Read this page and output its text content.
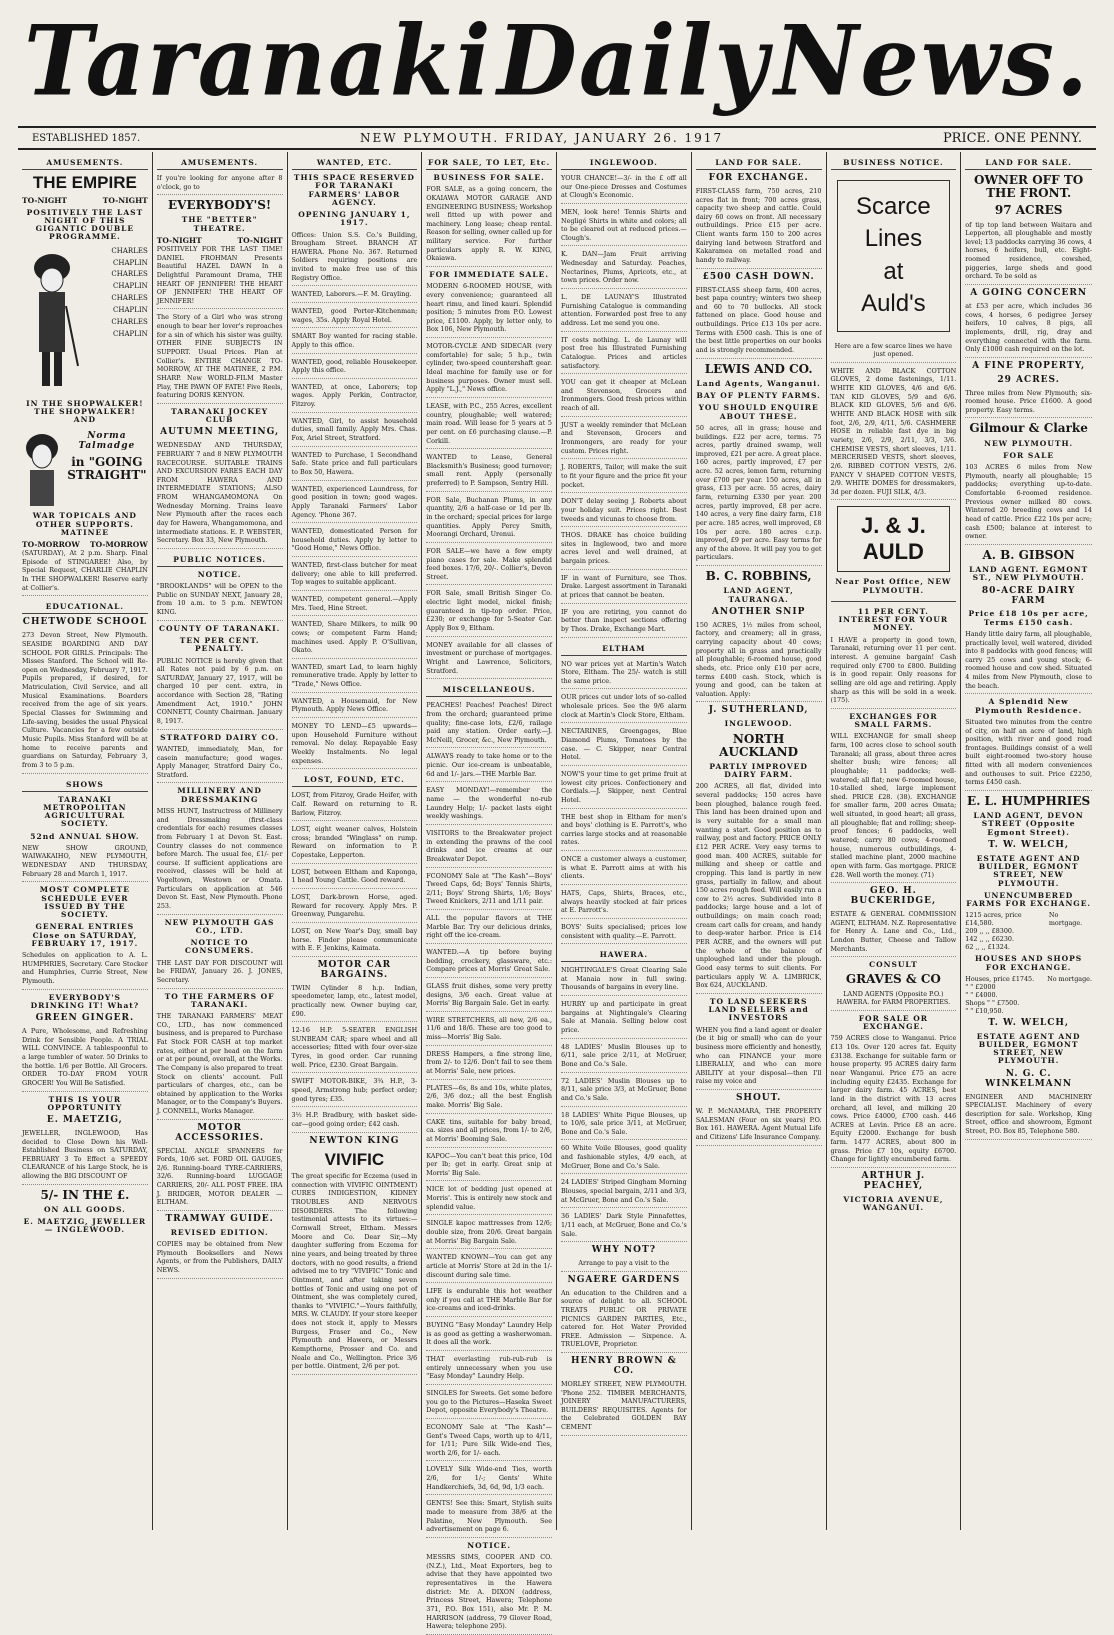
Taranaki Daily News.
ESTABLISHED 1857.	NEW PLYMOUTH. FRIDAY, JANUARY 26. 1917	PRICE. ONE PENNY.
AMUSEMENTS.
THE EMPIRE
TO-NIGHT	TO-NIGHT
POSITIVELY THE LAST NIGHT OF THIS GIGANTIC DOUBLE PROGRAMME.
CHARLES CHAPLIN
CHARLES CHAPLIN
CHARLES CHAPLIN
CHARLES CHAPLIN
IN THE SHOPWALKER! THE SHOPWALKER! AND
Norma Talmadge
in "GOING STRAIGHT"
WAR TOPICALS AND OTHER SUPPORTS. MATINEE
TO-MORROW TO-MORROW

(SATURDAY), At 2 p.m. Sharp. Final Episode of STINGAREE! Also, by Special Request, CHARLIE CHAPLIN In THE SHOPWALKER! Reserve early at Collier's.

EDUCATIONAL.
CHETWODE SCHOOL

273 Devon Street, New Plymouth. SEASIDE BOARDING AND DAY SCHOOL FOR GIRLS. Principals: The Misses Stanford. The School will Re-open on Wednesday, February 7, 1917. Pupils prepared, if desired, for Matriculation, Civil Service, and all Musical Examinations. Boarders received from the age of six years. Special Classes for Swimming and Life-saving, besides the usual Physical Culture. Vacancies for a few outside Music Pupils. Miss Stanford will be at home to receive parents and guardians on Saturday, February 3, from 3 to 5 p.m.

SHOWS
TARANAKI METROPOLITAN AGRICULTURAL SOCIETY.
52nd ANNUAL SHOW.

NEW SHOW GROUND, WAIWAKAIHO, NEW PLYMOUTH, WEDNESDAY AND THURSDAY, February 28 and March 1, 1917.

MOST COMPLETE SCHEDULE EVER ISSUED BY THE SOCIETY.
GENERAL ENTRIES Close on SATURDAY, FEBRUARY 17, 1917.

Schedules on application to A. L. HUMPHRIES, Secretary. Care Stocker and Humphries, Currie Street, New Plymouth.

EVERYBODY'S DRINKING IT! What?
GREEN GINGER.

A Pure, Wholesome, and Refreshing Drink for Sensible People. A TRIAL WILL CONVINCE. A tablespoonful to a large tumbler of water. 50 Drinks to the bottle. 1/6 per Bottle. All Grocers. ORDER TO-DAY FROM YOUR GROCER! You Will Be Satisfied.

THIS IS YOUR OPPORTUNITY
E. MAETZIG,

JEWELLER, INGLEWOOD, Has decided to Close Down his Well-Established Business on SATURDAY, FEBRUARY 3 To Effect a SPEEDY CLEARANCE of his Large Stock, he is allowing the BIG DISCOUNT OF

5/- IN THE £.
ON ALL GOODS.
E. MAETZIG, JEWELLER — INGLEWOOD.
AMUSEMENTS.

If you're looking for anyone after 8 o'clock, go to

EVERYBODY'S!
THE "BETTER" THEATRE.
TO-NIGHT	TO-NIGHT

POSITIVELY FOR THE LAST TIME! DANIEL FROHMAN Presents Beautiful HAZEL DAWN In a Delightful Paramount Drama, THE HEART OF JENNIFER! THE HEART OF JENNIFER! THE HEART OF JENNIFER!

The Story of a Girl who was strong enough to bear her lover's reproaches for a sin of which his sister was guilty. OTHER FINE SUBJECTS IN SUPPORT. Usual Prices. Plan at Collier's. ENTIRE CHANGE TO-MORROW, AT THE MATINEE, 2 P.M. SHARP. New WORLD-FILM Master Play, THE PAWN OF FATE! Five Reels, featuring DORIS KENYON.

TARANAKI JOCKEY CLUB
AUTUMN MEETING,

WEDNESDAY AND THURSDAY, FEBRUARY 7 and 8 NEW PLYMOUTH RACECOURSE. SUITABLE TRAINS AND EXCURSION FARES EACH DAY FROM HAWERA AND INTERMEDIATE STATIONS; ALSO FROM WHANGAMOMONA On Wednesday Morning. Trains leave New Plymouth after the races each day for Hawera, Whangamomona, and intermediate stations. E. P. WEBSTER, Secretary. Box 33, New Plymouth.

PUBLIC NOTICES.
NOTICE.

"BROOKLANDS" will be OPEN to the Public on SUNDAY NEXT, January 28, from 10 a.m. to 5 p.m. NEWTON KING.

COUNTY OF TARANAKI.
TEN PER CENT. PENALTY.

PUBLIC NOTICE is hereby given that all Rates not paid by 6 p.m. on SATURDAY, January 27, 1917, will be charged 10 per cent. extra, in accordance with Section 28, "Rating Amendment Act, 1910." JOHN CONNETT, County Chairman. January 8, 1917.

STRATFORD DAIRY CO.

WANTED, immediately, Man, for casein manufacture; good wages. Apply Manager, Stratford Dairy Co., Stratford.

MILLINERY AND DRESSMAKING

MISS HUNT, Instructress of Millinery and Dressmaking (first-class credentials for each) resumes classes from February 1 at Devon St. East. Country classes do not commence before March. The usual fee, £1/- per course. If sufficient applications are received, classes will be held at Vogeltown, Westown or Omata. Particulars on application at 546 Devon St. East, New Plymouth. Phone 253.

NEW PLYMOUTH GAS CO., LTD.
NOTICE TO CONSUMERS.

THE LAST DAY FOR DISCOUNT will be FRIDAY, January 26. J. JONES, Secretary.

TO THE FARMERS OF TARANAKI.

THE TARANAKI FARMERS' MEAT CO., LTD., has now commenced business, and is prepared to Purchase Fat Stock FOR CASH at top market rates, either at per head on the farm or at per pound, overall, at the Works. The Company is also prepared to treat Stock on clients' account. Full particulars of charges, etc., can be obtained by application to the Works Manager, or to the Company's Buyers. J. CONNELL, Works Manager.

MOTOR ACCESSORIES.

SPECIAL ANGLE SPANNERS for Fords, 10/6 set. FORD OIL GAUGES, 2/6. Running-board TYRE-CARRIERS, 32/6. Running-board LUGGAGE CARRIERS, 20/- ALL POST FREE. IRA J. BRIDGER, MOTOR DEALER — ELTHAM.

TRAMWAY GUIDE.
REVISED EDITION.

COPIES may be obtained from New Plymouth Booksellers and News Agents, or from the Publishers, DAILY NEWS.

WANTED, ETC.
THIS SPACE RESERVED FOR TARANAKI FARMERS' LABOR AGENCY.
OPENING JANUARY 1, 1917.

Offices: Union S.S. Co.'s Building, Brougham Street. BRANCH AT HAWERA. Phone No. 367. Returned Soldiers requiring positions are invited to make free use of this Registry Office.

WANTED, Laborers.—F. M. Grayling.

WANTED, good Porter-Kitchenman; wages, 35s. Apply Royal Hotel.

SMART Boy wanted for racing stable. Apply to this office.

WANTED, good, reliable Housekeeper. Apply this office.

WANTED, at once, Laborers; top wages. Apply Perkin, Contractor, Fitzroy.

WANTED, Girl, to assist household duties, small family. Apply Mrs. Chas. Fox, Ariel Street, Stratford.

WANTED to Purchase, 1 Secondhand Safe. State price and full particulars to Box 50, Hawera.

WANTED, experienced Laundress, for good position in town; good wages. Apply Taranaki Farmers' Labor Agency. 'Phone 367.

WANTED, domesticated Person for household duties. Apply by letter to "Good Home," News Office.

WANTED, first-class butcher for meat delivery; one able to kill preferred. Top wages to suitable applicant.

WANTED, competent general.—Apply Mrs. Teed, Hine Street.

WANTED, Share Milkers, to milk 90 cows; or competent Farm Hand; machines used. Apply P. O'Sullivan, Okato.

WANTED, smart Lad, to learn highly remunerative trade. Apply by letter to "Trade," News Office.

WANTED, a Housemaid, for New Plymouth. Apply News Office.

MONEY TO LEND—£5 upwards—upon Household Furniture without removal. No delay. Repayable Easy Weekly Instalments. No legal expenses.

LOST, FOUND, ETC.

LOST, from Fitzroy, Grade Heifer, with Calf. Reward on returning to R. Barlow, Fitzroy.

LOST, eight weaner calves, Holstein cross; branded "Winglass" on rump. Reward on information to P. Copestake, Lepperton.

LOST, between Eltham and Kaponga, 1 head Young Cattle. Good reward.

LOST, Dark-brown Horse, aged. Reward for recovery. Apply Mrs. P. Greenway, Pungarehu.

LOST, on New Year's Day, small bay horse. Finder please communicate with E. F. Jenkins, Kaimata.

MOTOR CAR BARGAINS.

TWIN Cylinder 8 h.p. Indian, speedometer, lamp, etc., latest model, practically new. Owner buying car, £90.

12-16 H.P. 5-SEATER ENGLISH SUNBEAM CAR; spare wheel and all accessories; fitted with four over-size Tyres, in good order. Car running well. Price, £230. Great Bargain.

SWIFT MOTOR-BIKE, 3¾ H.P., 3-speed, Armstrong hub; perfect order; good tyres; £35.

3½ H.P. Bradbury, with basket side-car—good going order; £42 cash.

NEWTON KING
VIVIFIC

The great specific for Eczema (used in connection with VIVIFIC OINTMENT) CURES INDIGESTION, KIDNEY TROUBLES AND NERVOUS DISORDERS. The following testimonial attests to its virtues:— Cornwall Street, Eltham. Messrs Moore and Co. Dear Sir,—My daughter suffering from Eczema for nine years, and being treated by three doctors, with no good results, a friend advised me to try "VIVIFIC" Tonic and Ointment, and after taking seven bottles of Tonic and using one pot of Ointment, she was completely cured, thanks to "VIVIFIC."—Yours faithfully, MRS. W. CLAUDY. If your store keeper does not stock it, apply to Messrs Burgess, Fraser and Co., New Plymouth and Hawera, or Messrs Kempthorne, Prosser and Co. and Neale and Co., Wellington. Price 3/6 per bottle. Ointment, 2/6 per pot.

FOR SALE, TO LET, Etc.
BUSINESS FOR SALE.

FOR SALE, as a going concern, the OKAIAWA MOTOR GARAGE AND ENGINEERING BUSINESS; Workshop well fitted up with power and machinery. Long lease; cheap rental. Reason for selling, owner called up for military service. For further particulars apply R. W. KING, Okaiawa.

FOR IMMEDIATE SALE.

MODERN 6-ROOMED HOUSE, with every convenience; guaranteed all heart rimu, and lined kauri. Splendid position; 5 minutes from P.O. Lowest price, £1100. Apply, by letter only, to Box 106, New Plymouth.

MOTOR-CYCLE AND SIDECAR (very comfortable) for sale; 5 h.p., twin cylinder, two-speed countershaft gear. Ideal machine for family use or for business purposes. Owner must sell. Apply "L.J.," News office.

LEASE, with P.C., 255 Acres, excellent country, ploughable; well watered; main road. Will lease for 5 years at 5 per cent. on £6 purchasing clause.—P. Corkill.

WANTED to Lease, General Blacksmith's Business; good turnover; small rent. Apply (personally preferred) to P. Sampson, Sentry Hill.

FOR Sale, Buchanan Plums, in any quantity, 2/6 a half-case or 1d per lb. in the orchard; special prices for large quantities. Apply Percy Smith, Moorangi Orchard, Urenui.

FOR SALE—we have a few empty piano cases for sale. Make splendid feed boxes. 17/6, 20/-. Collier's, Devon Street.

FOR Sale, small British Singer Co. electric light model, nickel finish; guaranteed in tip-top order. Price, £230; or exchange for 5-Seater Car. Apply Box 9, Eltham.

MONEY available for all classes of investment or purchase of mortgages. Wright and Lawrence, Solicitors, Stratford.

MISCELLANEOUS.

PEACHES! Peaches! Peaches! Direct from the orchard; guaranteed prime quality; fine-case lots, £2/6, railage paid any station. Order early.—J. McNeill, Grocer, &c., New Plymouth.

ALWAYS ready to take home or to the picnic. Our ice-cream is unbeatable, 6d and 1/- jars.—THE Marble Bar.

EASY MONDAY!—remember the name — the wonderful no-rub Laundry Help; 1/- packet lasts eight weekly washings.

VISITORS to the Breakwater project in extending the prawns of the cool drinks and ice creams at our Breakwater Depot.

FCONOMY Sale at "The Kash"—Boys' Tweed Caps, 6d; Boys' Tennis Shirts, 2/11; Boys' Strong Shirts, 1/6; Boys' Tweed Knickers, 2/11 and 1/11 pair.

ALL the popular flavors at THE Marble Bar. Try our delicious drinks, right off the ice-cream.

WANTED.—A tip before buying bedding, crockery, glassware, etc.: Compare prices at Morris' Great Sale.

GLASS fruit dishes, some very pretty designs, 3/6 each. Great value at Morris' Big Bargain Sale. Get in early.

WIRE STRETCHERS, all new, 2/6 ea., 11/6 and 18/6. These are too good to miss—Morris' Big Sale.

DRESS Hampers, a fine strong line, from 2/- to 12/6. Don't fail to see them at Morris' Sale, new prices.

PLATES—6s, 8s and 10s, white plates, 2/6, 3/6 doz.; all the best English make. Morris' Big Sale.

CAKE tins, suitable for baby bread, ca. sizes and all prices, from 1/- to 2/6, at Morris' Booming Sale.

KAPOC—You can't beat this price, 10d per lb; get in early. Great snip at Morris' Big Sale.

NICE lot of bedding just opened at Morris'. This is entirely new stock and splendid value.

SINGLE kapoc mattresses from 12/6; double size, from 20/6. Great bargain at Morris' Big Bargain Sale.

WANTED KNOWN—You can get any article at Morris' Store at 2d in the 1/- discount during sale time.

LIFE is endurable this hot weather only if you call at THE Marble Bar for ice-creams and iced-drinks.

BUYING "Easy Monday" Laundry Help is as good as getting a washerwoman. It does all the work.

THAT everlasting rub-rub-rub is entirely unnecessary when you use "Easy Monday" Laundry Help.

SINGLES for Sweets. Get some before you go to the Pictures—Haseka Sweet Depot, opposite Everybody's Theatre.

ECONOMY Sale at "The Kash"—Gent's Tweed Caps, worth up to 4/11, for 1/11; Pure Silk Wide-end Ties, worth 2/6, for 1/- each.

LOVELY Silk Wide-end Ties, worth 2/6, for 1/-; Gents' White Handkerchiefs, 3d, 6d, 9d, 1/3 each.

GENTS! See this: Smart, Stylish suits made to measure from 38/6 at the Palatine, New Plymouth. See advertisement on page 6.

NOTICE.

MESSRS SIMS, COOPER AND CO. (N.Z.), Ltd., Meat Exporters, beg to advise that they have appointed two representatives in the Hawera district: Mr. A. DIXON (address, Princess Street, Hawera; Telephone 371, P.O. Box 151), also Mr. P. M. HARRISON (address, 79 Glover Road, Hawera; telephone 295).

INGLEWOOD.

YOUR CHANCE!—3/- in the £ off all our One-piece Dresses and Costumes at Clough's Economic.

MEN, look here! Tennis Shirts and Negligé Shirts in white and colors; all to be cleared out at reduced prices.—Clough's.

K. DAN—Jam Fruit arriving Wednesday and Saturday. Peaches, Nectarines, Plums, Apricots, etc., at town prices. Order now.

L. DE LAUNAY'S Illustrated Furnishing Catalogue is commanding attention. Forwarded post free to any address. Let me send you one.

IT costs nothing. L. de Launay will post free his Illustrated Furnishing Catalogue. Prices and articles satisfactory.

YOU can get it cheaper at McLean and Stevenson, Grocers and Ironmongers. Good fresh prices within reach of all.

JUST a weekly reminder that McLean and Stevenson, Grocers and Ironmongers, are ready for your custom. Prices right.

J. ROBERTS, Tailor, will make the suit to fit your figure and the price fit your pocket.

DON'T delay seeing J. Roberts about your holiday suit. Prices right. Best tweeds and vicunas to choose from.

THOS. DRAKE has choice building sites in Inglewood, two and more acres level and well drained, at bargain prices.

IF in want of Furniture, see Thos. Drake. Largest assortment in Taranaki at prices that cannot be beaten.

IF you are retiring, you cannot do better than inspect sections offering by Thos. Drake, Exchange Mart.

ELTHAM

NO war prices yet at Martin's Watch Store, Eltham. The 25/- watch is still the same price.

OUR prices cut under lots of so-called wholesale prices. See the 9/6 alarm clock at Martin's Clock Store, Eltham.

NECTARINES, Greengages, Blue Diamond Plums, Tomatoes by the case. — C. Skipper, near Central Hotel.

NOW'S your time to get prime fruit at lowest city prices. Confectionery and Cordials.—J. Skipper, next Central Hotel.

THE best shop in Eltham for men's and boys' clothing is E. Parrott's, who carries large stocks and at reasonable rates.

ONCE a customer always a customer, is what E. Parrott aims at with his clients.

HATS, Caps, Shirts, Braces, etc., always heavily stocked at fair prices at E. Parrott's.

BOYS' Suits specialised; prices low consistent with quality.—E. Parrott.

HAWERA.

NIGHTINGALE'S Great Clearing Sale at Manaia now in full swing. Thousands of bargains in every line.

HURRY up and participate in great bargains at Nightingale's Clearing Sale at Manaia. Selling below cost price.

48 LADIES' Muslin Blouses up to 6/11, sale price 2/11, at McGruer, Bone and Co.'s Sale.

72 LADIES' Muslin Blouses up to 8/11, sale price 3/3, at McGruer, Bone and Co.'s Sale.

18 LADIES' White Pique Blouses, up to 10/6, sale price 3/11, at McGruer, Bone and Co.'s Sale.

60 White Voile Blouses, good quality and fashionable styles, 4/9 each, at McGruer, Bone and Co.'s Sale.

24 LADIES' Striped Gingham Morning Blouses, special bargain, 2/11 and 3/3, at McGruer, Bone and Co.'s Sale.

36 LADIES' Dark Style Pinnafettes, 1/11 each, at McGruer, Bone and Co.'s Sale.

WHY NOT?

Arrange to pay a visit to the

NGAERE GARDENS

An education to the Children and a source of delight to all. SCHOOL TREATS PUBLIC OR PRIVATE PICNICS GARDEN PARTIES, Etc., catered for. Hot Water Provided FREE. Admission — Sixpence. A. TRUELOVE, Proprietor.

HENRY BROWN & CO.

MORLEY STREET, NEW PLYMOUTH. 'Phone 252. TIMBER MERCHANTS, JOINERY MANUFACTURERS, BUILDERS' REQUISITES. Agents for the Celebrated GOLDEN BAY CEMENT

LAND FOR SALE.
FOR EXCHANGE.

FIRST-CLASS farm, 750 acres, 210 acres flat in front; 700 acres grass, capacity two sheep and cattle. Could dairy 60 cows on front. All necessary outbuildings. Price £15 per acre. Client wants farm 150 to 200 acres dairying land between Stratford and Kakaramea on metalled road and handy to railway.

£500 CASH DOWN.

FIRST-CLASS sheep farm, 400 acres, best papa country; winters two sheep and 60 to 70 bullocks. All stock fattened on place. Good house and outbuildings. Price £13 10s per acre. Terms with £500 cash. This is one of the best little properties on our books and is strongly recommended.

LEWIS AND CO.
Land Agents, Wanganui.
BAY OF PLENTY FARMS.
YOU SHOULD ENQUIRE ABOUT THESE.

50 acres, all in grass; house and buildings. £22 per acre, terms. 75 acres, partly drained swamp, well improved, £21 per acre. A great place. 160 acres, partly improved, £7 per acre. 52 acres, lemon farm, returning over £700 per year. 150 acres, all in grass, £13 per acre. 55 acres, dairy farm, returning £330 per year. 200 acres, partly improved, £8 per acre. 140 acres, a very fine dairy farm, £18 per acre. 185 acres, well improved, £8 10s per acre. 180 acres c.r.p. improved, £9 per acre. Easy terms for any of the above. It will pay you to get particulars.

B. C. ROBBINS,
LAND AGENT, TAURANGA.
ANOTHER SNIP

150 ACRES, 1½ miles from school, factory, and creamery; all in grass, carrying capacity about 40 cows; property all in grass and practically all ploughable; 6-roomed house, good sheds, etc. Price only £10 per acre, terms £400 cash. Stock, which is young and good, can be taken at valuation. Apply:

J. SUTHERLAND,
INGLEWOOD.
NORTH AUCKLAND
PARTLY IMPROVED DAIRY FARM.

200 ACRES, all flat, divided into several paddocks; 150 acres have been ploughed, balance rough feed. This land has been drained upon and is very suitable for a small man wanting a start. Good position as to railway, post and factory. PRICE ONLY £12 PER ACRE. Very easy terms to good man. 400 ACRES, suitable for milking and sheep or cattle and cropping. This land is partly in new grass, partially in fallow, and about 150 acres rough feed. Will easily run a cow to 2½ acres. Subdivided into 8 paddocks; large house and a lot of outbuildings; on main coach road; cream cart calls for cream, and handy to deep-water harbor. Price is £14 PER ACRE, and the owners will put the whole of the balance of unploughed land under the plough. Good easy terms to suit clients. For particulars apply W. A. LIMBRICK, Box 624, AUCKLAND.

TO LAND SEEKERS LAND SELLERS and INVESTORS

WHEN you find a land agent or dealer (be it big or small) who can do your business more efficiently and honestly, who can FINANCE your more LIBERALLY, and who can more ABILITY at your disposal—then I'll raise my voice and

SHOUT.

W. P. McNAMARA, THE PROPERTY SALESMAN (Four on six years) P.O. Box 161. HAWERA. Agent Mutual Life and Citizens' Life Insurance Company.

BUSINESS NOTICE.
Scarce
Lines
at
Auld's

Here are a few scarce lines we have just opened.

WHITE AND BLACK COTTON GLOVES, 2 dome fastenings, 1/11. WHITE KID GLOVES, 4/6 and 6/6. TAN KID GLOVES, 5/9 and 6/6. BLACK KID GLOVES, 5/6 and 6/6. WHITE AND BLACK HOSE with silk foot, 2/6, 2/9, 4/11, 5/6. CASHMERE HOSE in reliable fast dye in big variety, 2/6, 2/9, 2/11, 3/3, 3/6. CHEMISE VESTS, short sleeves, 1/11. MERCERISED VESTS, short sleeves, 2/6. RIBBED COTTON VESTS, 2/6. FANCY V SHAPED COTTON VESTS, 2/9. WHITE DOMES for dressmakers, 3d per dozen. FUJI SILK, 4/3.

J. & J. AULD
Near Post Office, NEW PLYMOUTH.
11 PER CENT. INTEREST FOR YOUR MONEY.

I HAVE a property in good town, Taranaki, returning over 11 per cent. interest. A genuine bargain! Cash required only £700 to £800. Building is in good repair. Only reasons for selling are old age and retiring. Apply sharp as this will be sold in a week. (175).

EXCHANGES FOR SMALL FARMS.

WILL EXCHANGE for small sheep farm, 100 acres close to school south Taranaki; all grass, about three acres shelter bush; wire fences; all ploughable; 11 paddocks; well-watered; all flat; new 6-roomed house, 10-stalled shed, large implement shed. PRICE £28. (38). EXCHANGE for smaller farm, 200 acres Omata; well situated, in good heart; all grass, all ploughable; flat and rolling; sheep-proof fences; 6 paddocks, well watered; carry 80 cows; 4-roomed house, numerous outbuildings, 4-stalled machine plant, 2000 machine open with farm. Gas mortgage. PRICE £28. Well worth the money. (71)

GEO. H. BUCKERIDGE,

ESTATE & GENERAL COMMISSION AGENT, ELTHAM. N.Z. Representative for Henry A. Lane and Co., Ltd., London Butter, Cheese and Tallow Merchants.

CONSULT
GRAVES & CO

LAND AGENTS (Opposite P.O.) HAWERA. for FARM PROPERTIES.

FOR SALE OR EXCHANGE.

759 ACRES close to Wanganui. Price £13 10s. Over 120 acres fat. Equity £3138. Exchange for suitable farm or house property. 95 ACRES dairy farm near Wanganui. Price £75 an acre including equity £2435. Exchange for larger dairy farm. 45 ACRES, best land in the district with 13 acres orchard, all level, and milking 20 cows. Price £4000, £700 cash. 446 ACRES at Levin. Price £8 an acre. Equity £2000. Exchange for bush farm. 1477 ACRES, about 800 in grass. Price £7 10s, equity £6700. Change for lightly encumbered farm.

ARTHUR J. PEACHEY,
VICTORIA AVENUE, WANGANUI.
LAND FOR SALE.
OWNER OFF TO THE FRONT.
97 ACRES

of tip top land between Waitara and Lepperton, all ploughable and mostly level; 13 paddocks carrying 36 cows, 4 horses, 6 heifers, bull, etc. Eight-roomed residence, cowshed, piggeries, large sheds and good orchard. To be sold as

A GOING CONCERN

at £53 per acre, which includes 36 cows, 4 horses, 6 pedigree Jersey heifers, 10 calves, 8 pigs, all implements, drill, rig, dray and everything connected with the farm. Only £1000 cash required on the lot.

A FINE PROPERTY,
29 ACRES.

Three miles from New Plymouth; six-roomed house. Price £1600. A good property. Easy terms.

Gilmour & Clarke
NEW PLYMOUTH.
FOR SALE

103 ACRES 6 miles from New Plymouth, nearly all ploughable; 15 paddocks; everything up-to-date. Comfortable 6-roomed residence. Previous owner milked 80 cows. Wintered 20 breeding cows and 14 head of cattle. Price £22 10s per acre; cash £500; balance at interest to owner.

A. B. GIBSON
LAND AGENT. EGMONT ST., NEW PLYMOUTH.
80-ACRE DAIRY FARM
Price £18 10s per acre, Terms £150 cash.

Handy little dairy farm, all ploughable, practically level, well watered, divided into 8 paddocks with good fences; will carry 25 cows and young stock; 6-roomed house and cow shed. Situated 4 miles from New Plymouth, close to the beach.

A Splendid New Plymouth Residence.

Situated two minutes from the centre of city, on half an acre of land, high position, with river and good road frontages. Buildings consist of a well built eight-roomed two-story house fitted with all modern conveniences and outhouses to suit. Price £2250, terms £450 cash.

E. L. HUMPHRIES
LAND AGENT, DEVON STREET (Opposite Egmont Street).
T. W. WELCH,
ESTATE AGENT AND BUILDER, EGMONT STREET, NEW PLYMOUTH.
UNENCUMBERED FARMS FOR EXCHANGE.
1215 acres, price £14,580.
No mortgage.
209 ,, ,, £8300.
142 ,, ,, £6230.
62 ,, ,, £1324.
HOUSES AND SHOPS FOR EXCHANGE.
Houses, price £1745. No mortgage.
" " £2000
" " £4000.
Shops " " £7500.
" " £10,950.
T. W. WELCH,
ESTATE AGENT AND BUILDER, EGMONT STREET, NEW PLYMOUTH.
N. G. C. WINKELMANN

ENGINEER AND MACHINERY SPECIALIST. Machinery of every description for sale. Workshop, King Street, office and showroom, Egmont Street, P.O. Box 85, Telephone 580.
